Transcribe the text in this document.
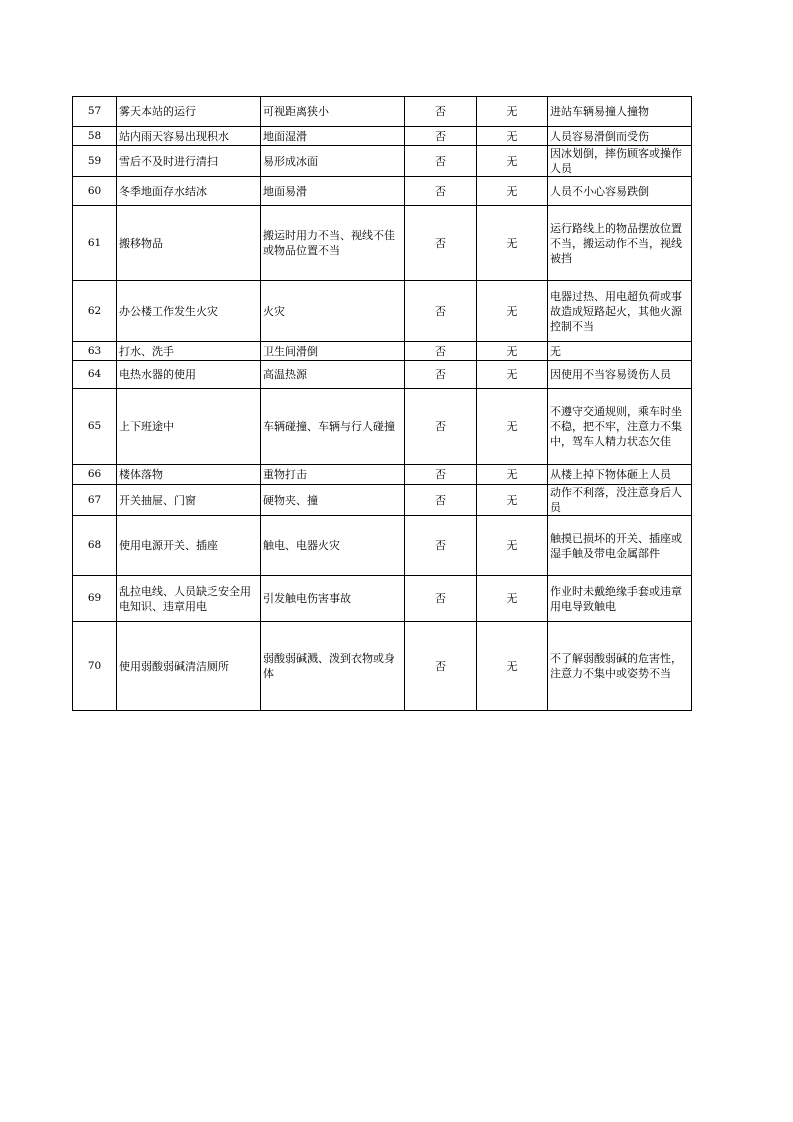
57	雾天本站的运行	可视距离狭小	否	无	进站车辆易撞人撞物
58	站内雨天容易出现积水	地面湿滑	否	无	人员容易滑倒而受伤
59	雪后不及时进行清扫	易形成冰面	否	无	因冰划倒，摔伤顾客或操作人员
60	冬季地面存水结冰	地面易滑	否	无	人员不小心容易跌倒
61	搬移物品	搬运时用力不当、视线不佳或物品位置不当	否	无	运行路线上的物品摆放位置不当，搬运动作不当，视线被挡
62	办公楼工作发生火灾	火灾	否	无	电器过热、用电超负荷或事故造成短路起火，其他火源控制不当
63	打水、洗手	卫生间滑倒	否	无	无
64	电热水器的使用	高温热源	否	无	因使用不当容易烫伤人员
65	上下班途中	车辆碰撞、车辆与行人碰撞	否	无	不遵守交通规则，乘车时坐不稳，把不牢，注意力不集中，驾车人精力状态欠佳
66	楼体落物	重物打击	否	无	从楼上掉下物体砸上人员
67	开关抽屉、门窗	硬物夹、撞	否	无	动作不利落，没注意身后人员
68	使用电源开关、插座	触电、电器火灾	否	无	触摸已损坏的开关、插座或湿手触及带电金属部件
69	乱拉电线、人员缺乏安全用电知识、违章用电	引发触电伤害事故	否	无	作业时未戴绝缘手套或违章用电导致触电
70	使用弱酸弱碱清洁厕所	弱酸弱碱溅、泼到衣物或身体	否	无	不了解弱酸弱碱的危害性，注意力不集中或姿势不当
